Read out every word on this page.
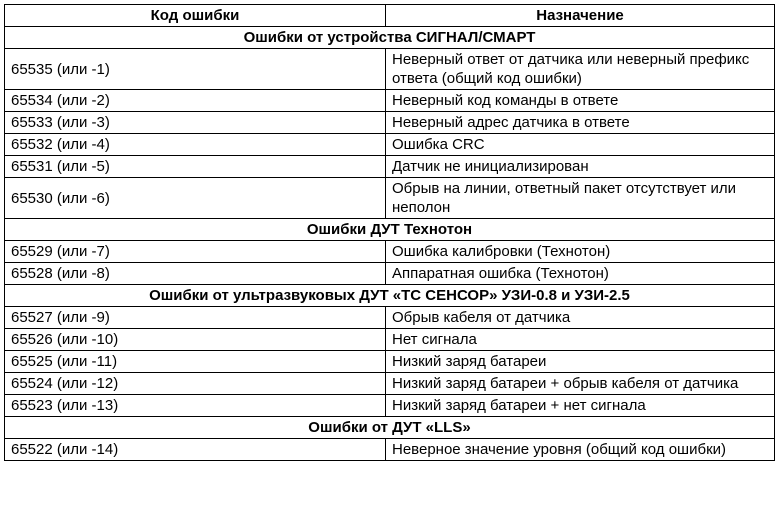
Код ошибки	Назначение
Ошибки от устройства СИГНАЛ/СМАРТ	
65535 (или -1)	Неверный ответ от датчика или неверный префикс ответа (общий код ошибки)
65534 (или -2)	Неверный код команды в ответе
65533 (или -3)	Неверный адрес датчика в ответе
65532 (или -4)	Ошибка CRC
65531 (или -5)	Датчик не инициализирован
65530 (или -6)	Обрыв на линии, ответный пакет отсутствует или неполон
Ошибки ДУТ Технотон	
65529 (или -7)	Ошибка калибровки (Технотон)
65528 (или -8)	Аппаратная ошибка (Технотон)
Ошибки от ультразвуковых ДУТ «ТС СЕНСОР» УЗИ-0.8 и УЗИ-2.5	
65527 (или -9)	Обрыв кабеля от датчика
65526 (или -10)	Нет сигнала
65525 (или -11)	Низкий заряд батареи
65524 (или -12)	Низкий заряд батареи + обрыв кабеля от датчика
65523 (или -13)	Низкий заряд батареи + нет сигнала
Ошибки от ДУТ «LLS»	
65522 (или -14)	Неверное значение уровня (общий код ошибки)
